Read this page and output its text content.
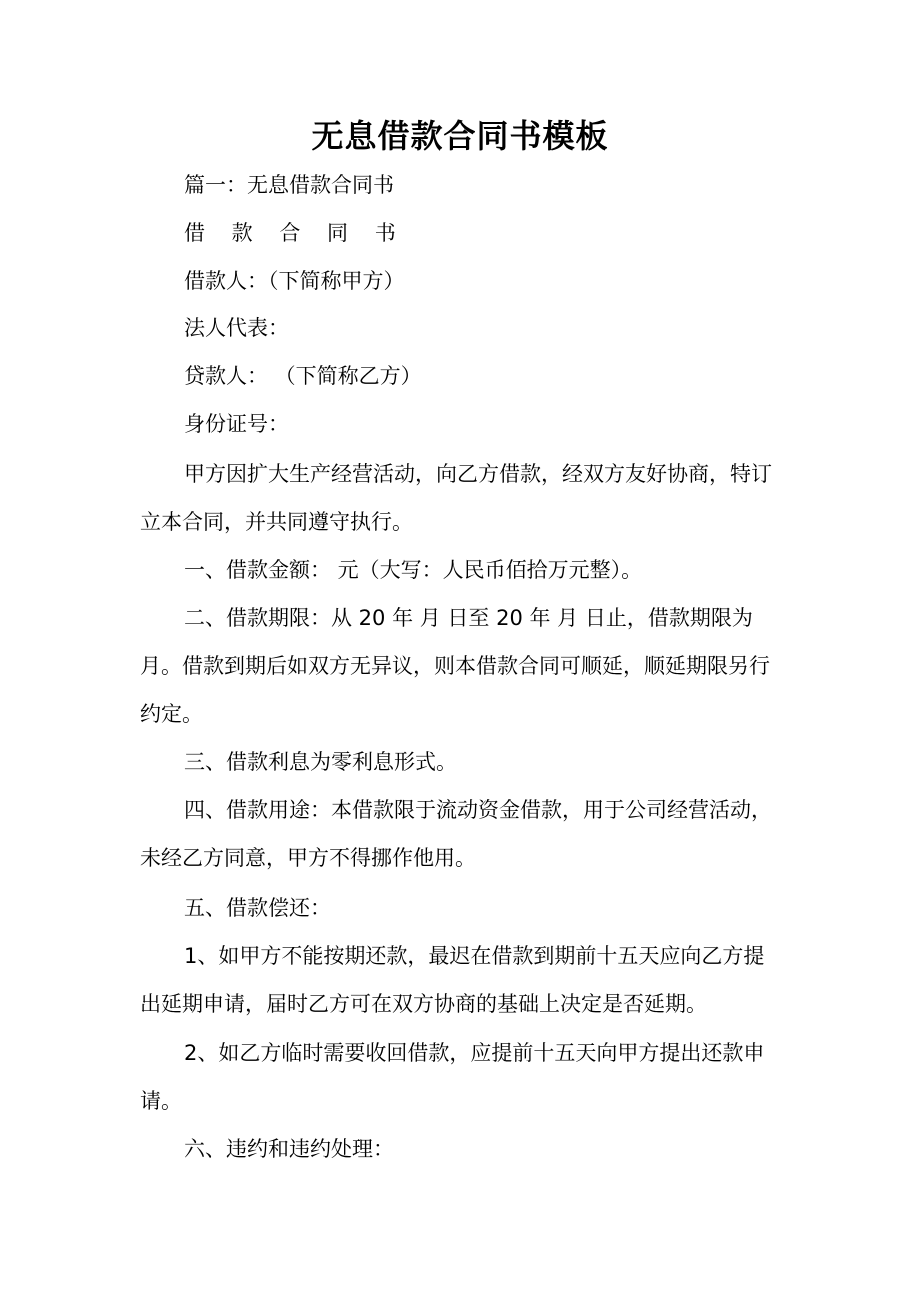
无息借款合同书模板
篇一：无息借款合同书
借 款 合 同 书
借款人：（下简称甲方）
法人代表：
贷款人： （下简称乙方）
身份证号：
甲方因扩大生产经营活动，向乙方借款，经双方友好协商，特订
立本合同，并共同遵守执行。
一、借款金额： 元（大写：人民币佰拾万元整）。
二、借款期限：从 20 年 月 日至 20 年 月 日止，借款期限为
月。借款到期后如双方无异议，则本借款合同可顺延，顺延期限另行
约定。
三、借款利息为零利息形式。
四、借款用途：本借款限于流动资金借款，用于公司经营活动，
未经乙方同意，甲方不得挪作他用。
五、借款偿还：
1、如甲方不能按期还款，最迟在借款到期前十五天应向乙方提
出延期申请，届时乙方可在双方协商的基础上决定是否延期。
2、如乙方临时需要收回借款，应提前十五天向甲方提出还款申
请。
六、违约和违约处理：
